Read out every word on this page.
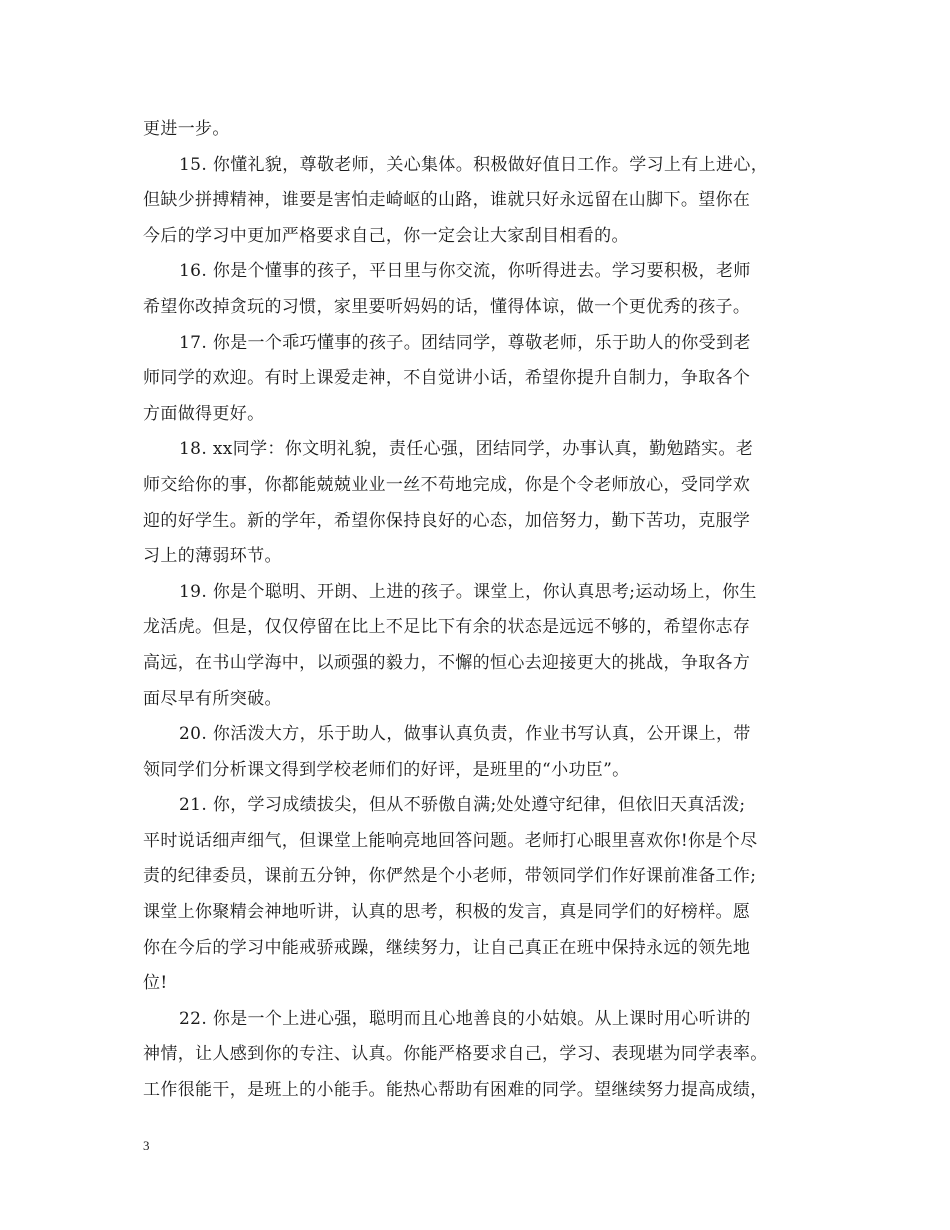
更进一步。
15. 你懂礼貌，尊敬老师，关心集体。积极做好值日工作。学习上有上进心，
但缺少拼搏精神，谁要是害怕走崎岖的山路，谁就只好永远留在山脚下。望你在
今后的学习中更加严格要求自己，你一定会让大家刮目相看的。
16. 你是个懂事的孩子，平日里与你交流，你听得进去。学习要积极，老师
希望你改掉贪玩的习惯，家里要听妈妈的话，懂得体谅，做一个更优秀的孩子。
17. 你是一个乖巧懂事的孩子。团结同学，尊敬老师，乐于助人的你受到老
师同学的欢迎。有时上课爱走神，不自觉讲小话，希望你提升自制力，争取各个
方面做得更好。
18. xx同学：你文明礼貌，责任心强，团结同学，办事认真，勤勉踏实。老
师交给你的事，你都能兢兢业业一丝不苟地完成，你是个令老师放心，受同学欢
迎的好学生。新的学年，希望你保持良好的心态，加倍努力，勤下苦功，克服学
习上的薄弱环节。
19. 你是个聪明、开朗、上进的孩子。课堂上，你认真思考;运动场上，你生
龙活虎。但是，仅仅停留在比上不足比下有余的状态是远远不够的，希望你志存
高远，在书山学海中，以顽强的毅力，不懈的恒心去迎接更大的挑战，争取各方
面尽早有所突破。
20. 你活泼大方，乐于助人，做事认真负责，作业书写认真，公开课上，带
领同学们分析课文得到学校老师们的好评，是班里的“小功臣”。
21. 你，学习成绩拔尖，但从不骄傲自满;处处遵守纪律，但依旧天真活泼;
平时说话细声细气，但课堂上能响亮地回答问题。老师打心眼里喜欢你!你是个尽
责的纪律委员，课前五分钟，你俨然是个小老师，带领同学们作好课前准备工作;
课堂上你聚精会神地听讲，认真的思考，积极的发言，真是同学们的好榜样。愿
你在今后的学习中能戒骄戒躁，继续努力，让自己真正在班中保持永远的领先地
位!
22. 你是一个上进心强，聪明而且心地善良的小姑娘。从上课时用心听讲的
神情，让人感到你的专注、认真。你能严格要求自己，学习、表现堪为同学表率。
工作很能干，是班上的小能手。能热心帮助有困难的同学。望继续努力提高成绩，
3
